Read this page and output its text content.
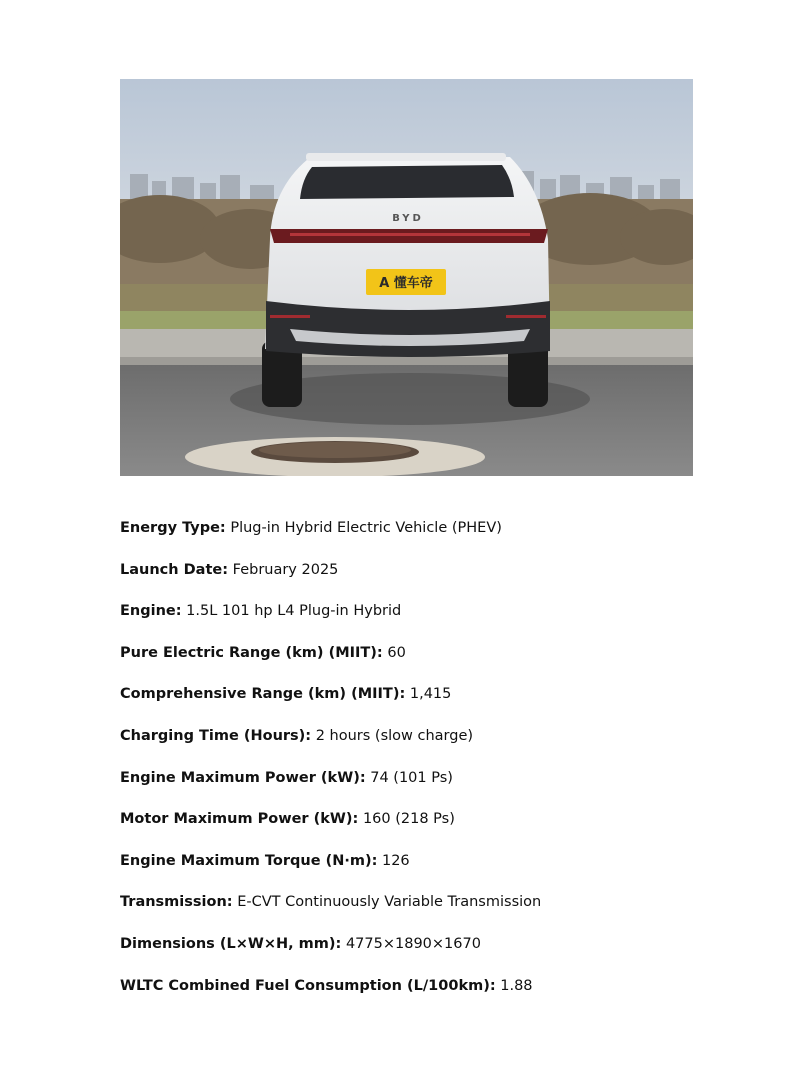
BYD
A 懂车帝
Energy Type: Plug-in Hybrid Electric Vehicle (PHEV)
Launch Date: February 2025
Engine: 1.5L 101 hp L4 Plug-in Hybrid
Pure Electric Range (km) (MIIT): 60
Comprehensive Range (km) (MIIT): 1,415
Charging Time (Hours): 2 hours (slow charge)
Engine Maximum Power (kW): 74 (101 Ps)
Motor Maximum Power (kW): 160 (218 Ps)
Engine Maximum Torque (N·m): 126
Transmission: E-CVT Continuously Variable Transmission
Dimensions (L×W×H, mm): 4775×1890×1670
WLTC Combined Fuel Consumption (L/100km): 1.88
